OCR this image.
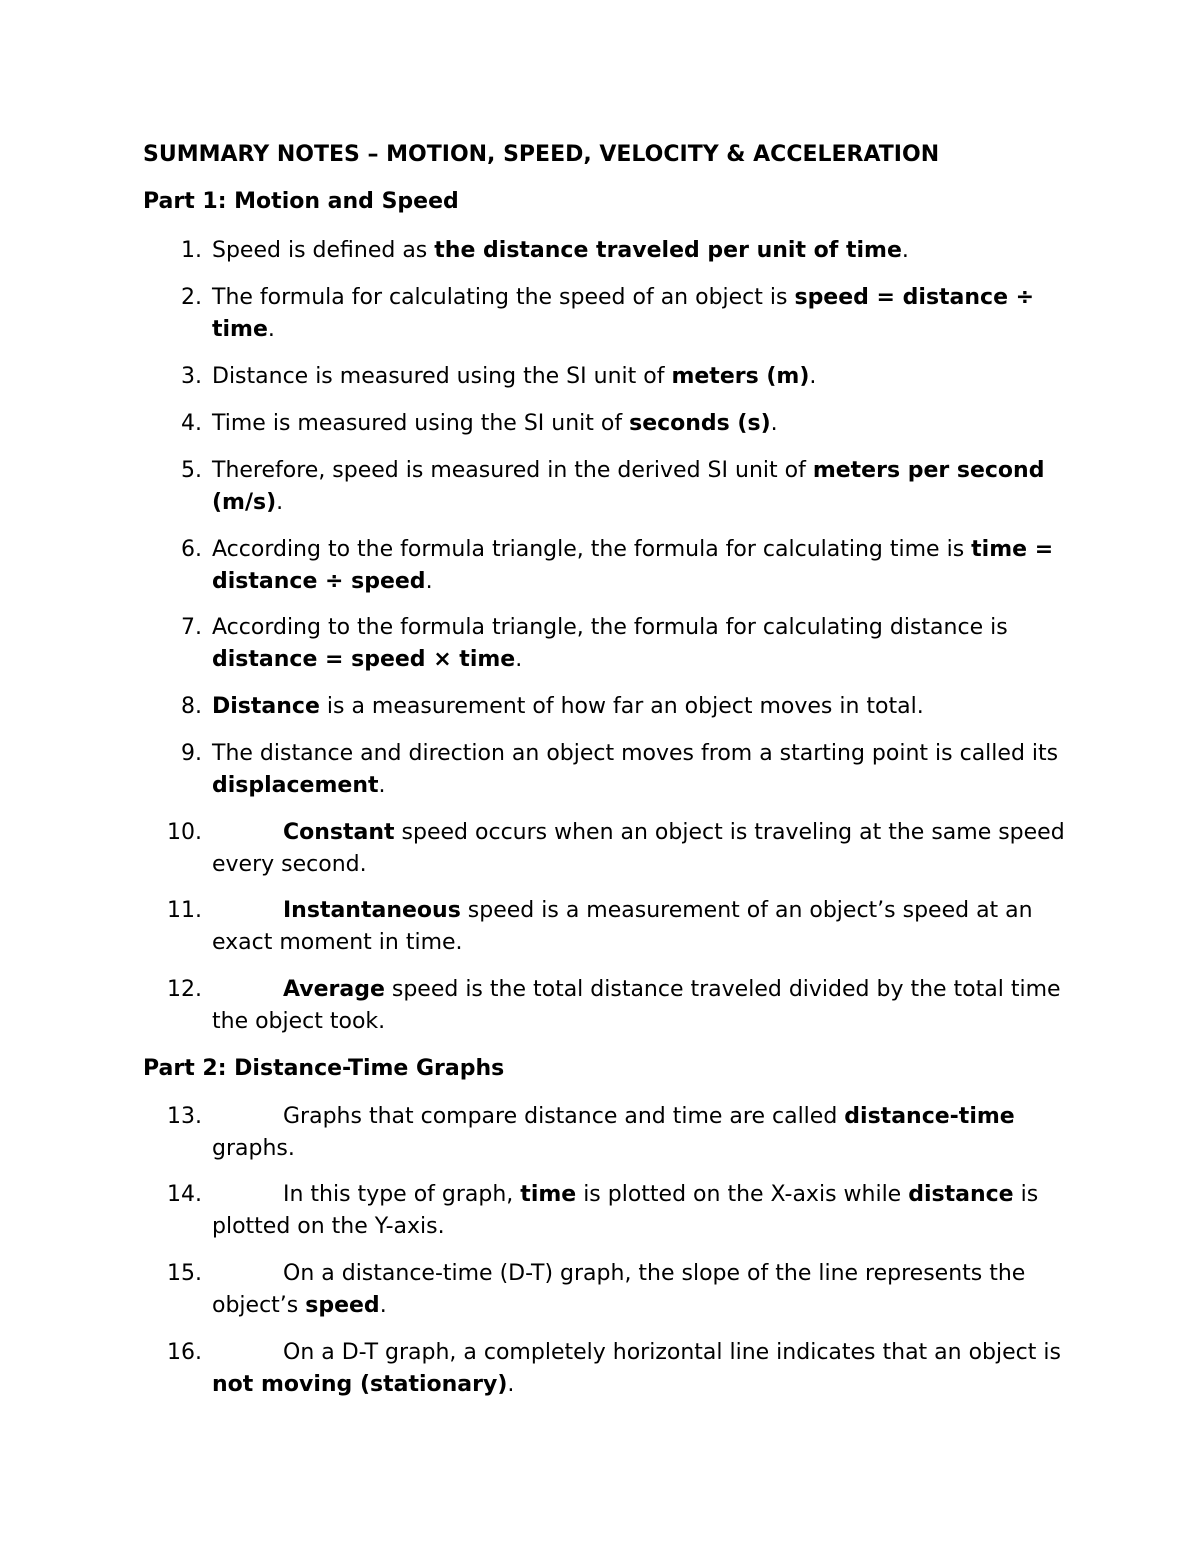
SUMMARY NOTES – MOTION, SPEED, VELOCITY & ACCELERATION
Part 1: Motion and Speed
1. Speed is defined as the distance traveled per unit of time.
2. The formula for calculating the speed of an object is speed = distance ÷ time.
3. Distance is measured using the SI unit of meters (m).
4. Time is measured using the SI unit of seconds (s).
5. Therefore, speed is measured in the derived SI unit of meters per second (m/s).
6. According to the formula triangle, the formula for calculating time is time = distance ÷ speed.
7. According to the formula triangle, the formula for calculating distance is distance = speed × time.
8. Distance is a measurement of how far an object moves in total.
9. The distance and direction an object moves from a starting point is called its displacement.
10.	Constant speed occurs when an object is traveling at the same speed every second.
11.	Instantaneous speed is a measurement of an object’s speed at an exact moment in time.
12.	Average speed is the total distance traveled divided by the total time the object took.
Part 2: Distance-Time Graphs
13.	Graphs that compare distance and time are called distance-time graphs.
14.	In this type of graph, time is plotted on the X-axis while distance is plotted on the Y-axis.
15.	On a distance-time (D-T) graph, the slope of the line represents the object’s speed.
16.	On a D-T graph, a completely horizontal line indicates that an object is not moving (stationary).
